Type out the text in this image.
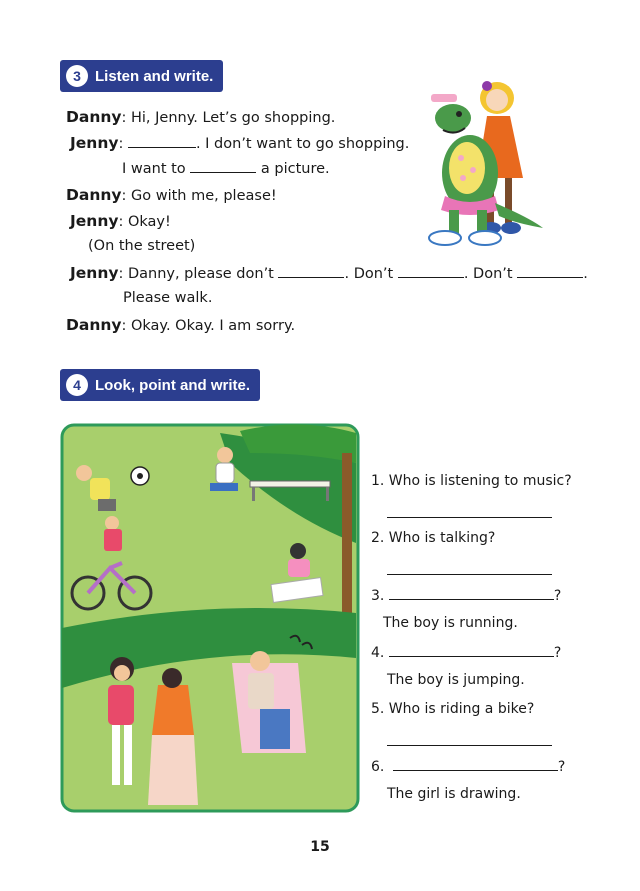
3 Listen and write.
Danny: Hi, Jenny. Let’s go shopping.
Jenny:	. I don’t want to go shopping.
I want to	a picture.
Danny: Go with me, please!
Jenny: Okay!
(On the street)
Jenny: Danny, please don’t	. Don’t	. Don’t	.
Please walk.
Danny: Okay. Okay. I am sorry.
4 Look, point and write.
1. Who is listening to music?
2. Who is talking?
3.	?
The boy is running.
4.	?
The boy is jumping.
5. Who is riding a bike?
6.	?
The girl is drawing.
15
